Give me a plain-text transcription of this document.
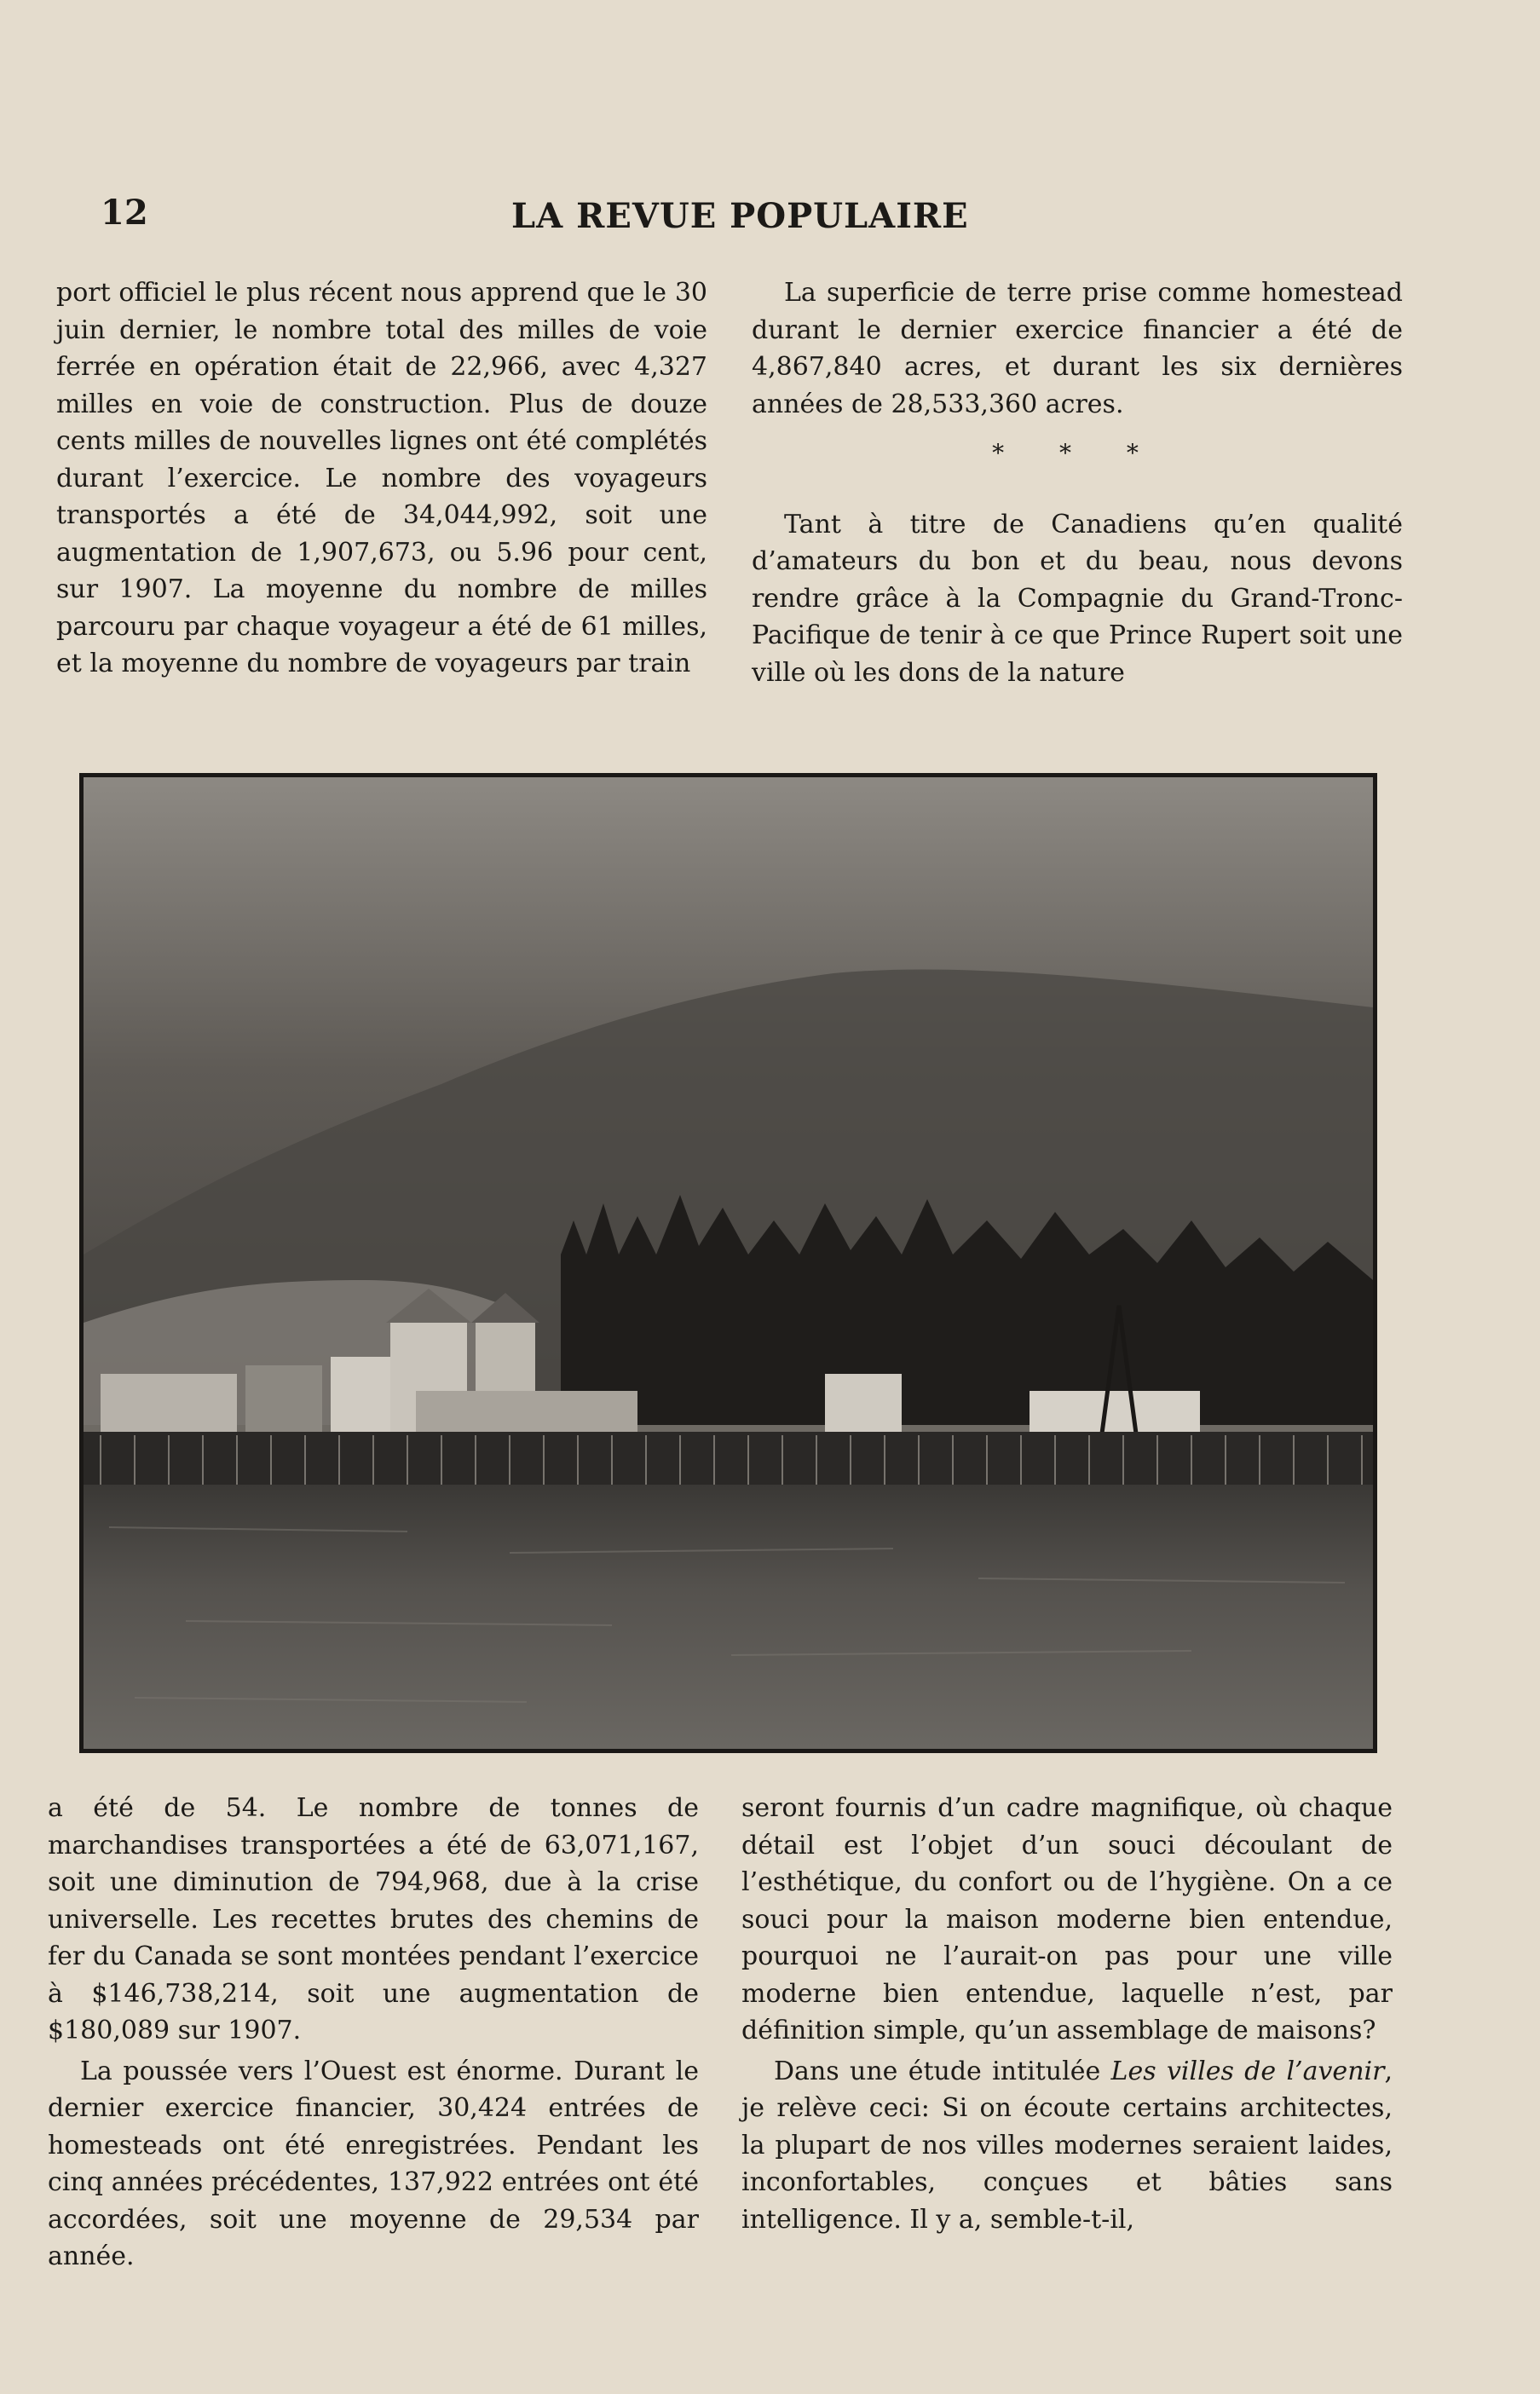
12	LA REVUE POPULAIRE

port officiel le plus récent nous apprend que le 30 juin dernier, le nombre total des milles de voie ferrée en opération était de 22,966, avec 4,327 milles en voie de construction. Plus de douze cents milles de nouvelles lignes ont été complétés durant l’exercice. Le nombre des voyageurs transportés a été de 34,044,992, soit une augmentation de 1,907,673, ou 5.96 pour cent, sur 1907. La moyenne du nombre de milles parcouru par chaque voyageur a été de 61 milles, et la moyenne du nombre de voyageurs par train

La superficie de terre prise comme homestead durant le dernier exercice financier a été de 4,867,840 acres, et durant les six dernières années de 28,533,360 acres.

* * *

Tant à titre de Canadiens qu’en qualité d’amateurs du bon et du beau, nous devons rendre grâce à la Compagnie du Grand-Tronc-Pacifique de tenir à ce que Prince Rupert soit une ville où les dons de la nature

a été de 54. Le nombre de tonnes de marchandises transportées a été de 63,071,167, soit une diminution de 794,968, due à la crise universelle. Les recettes brutes des chemins de fer du Canada se sont montées pendant l’exercice à $146,738,214, soit une augmentation de $180,089 sur 1907.

La poussée vers l’Ouest est énorme. Durant le dernier exercice financier, 30,424 entrées de homesteads ont été enregistrées. Pendant les cinq années précédentes, 137,922 entrées ont été accordées, soit une moyenne de 29,534 par année.

seront fournis d’un cadre magnifique, où chaque détail est l’objet d’un souci découlant de l’esthétique, du confort ou de l’hygiène. On a ce souci pour la maison moderne bien entendue, pourquoi ne l’aurait-on pas pour une ville moderne bien entendue, laquelle n’est, par définition simple, qu’un assemblage de maisons?

Dans une étude intitulée Les villes de l’avenir, je relève ceci: Si on écoute certains architectes, la plupart de nos villes modernes seraient laides, inconfortables, conçues et bâties sans intelligence. Il y a, semble-t-il,
